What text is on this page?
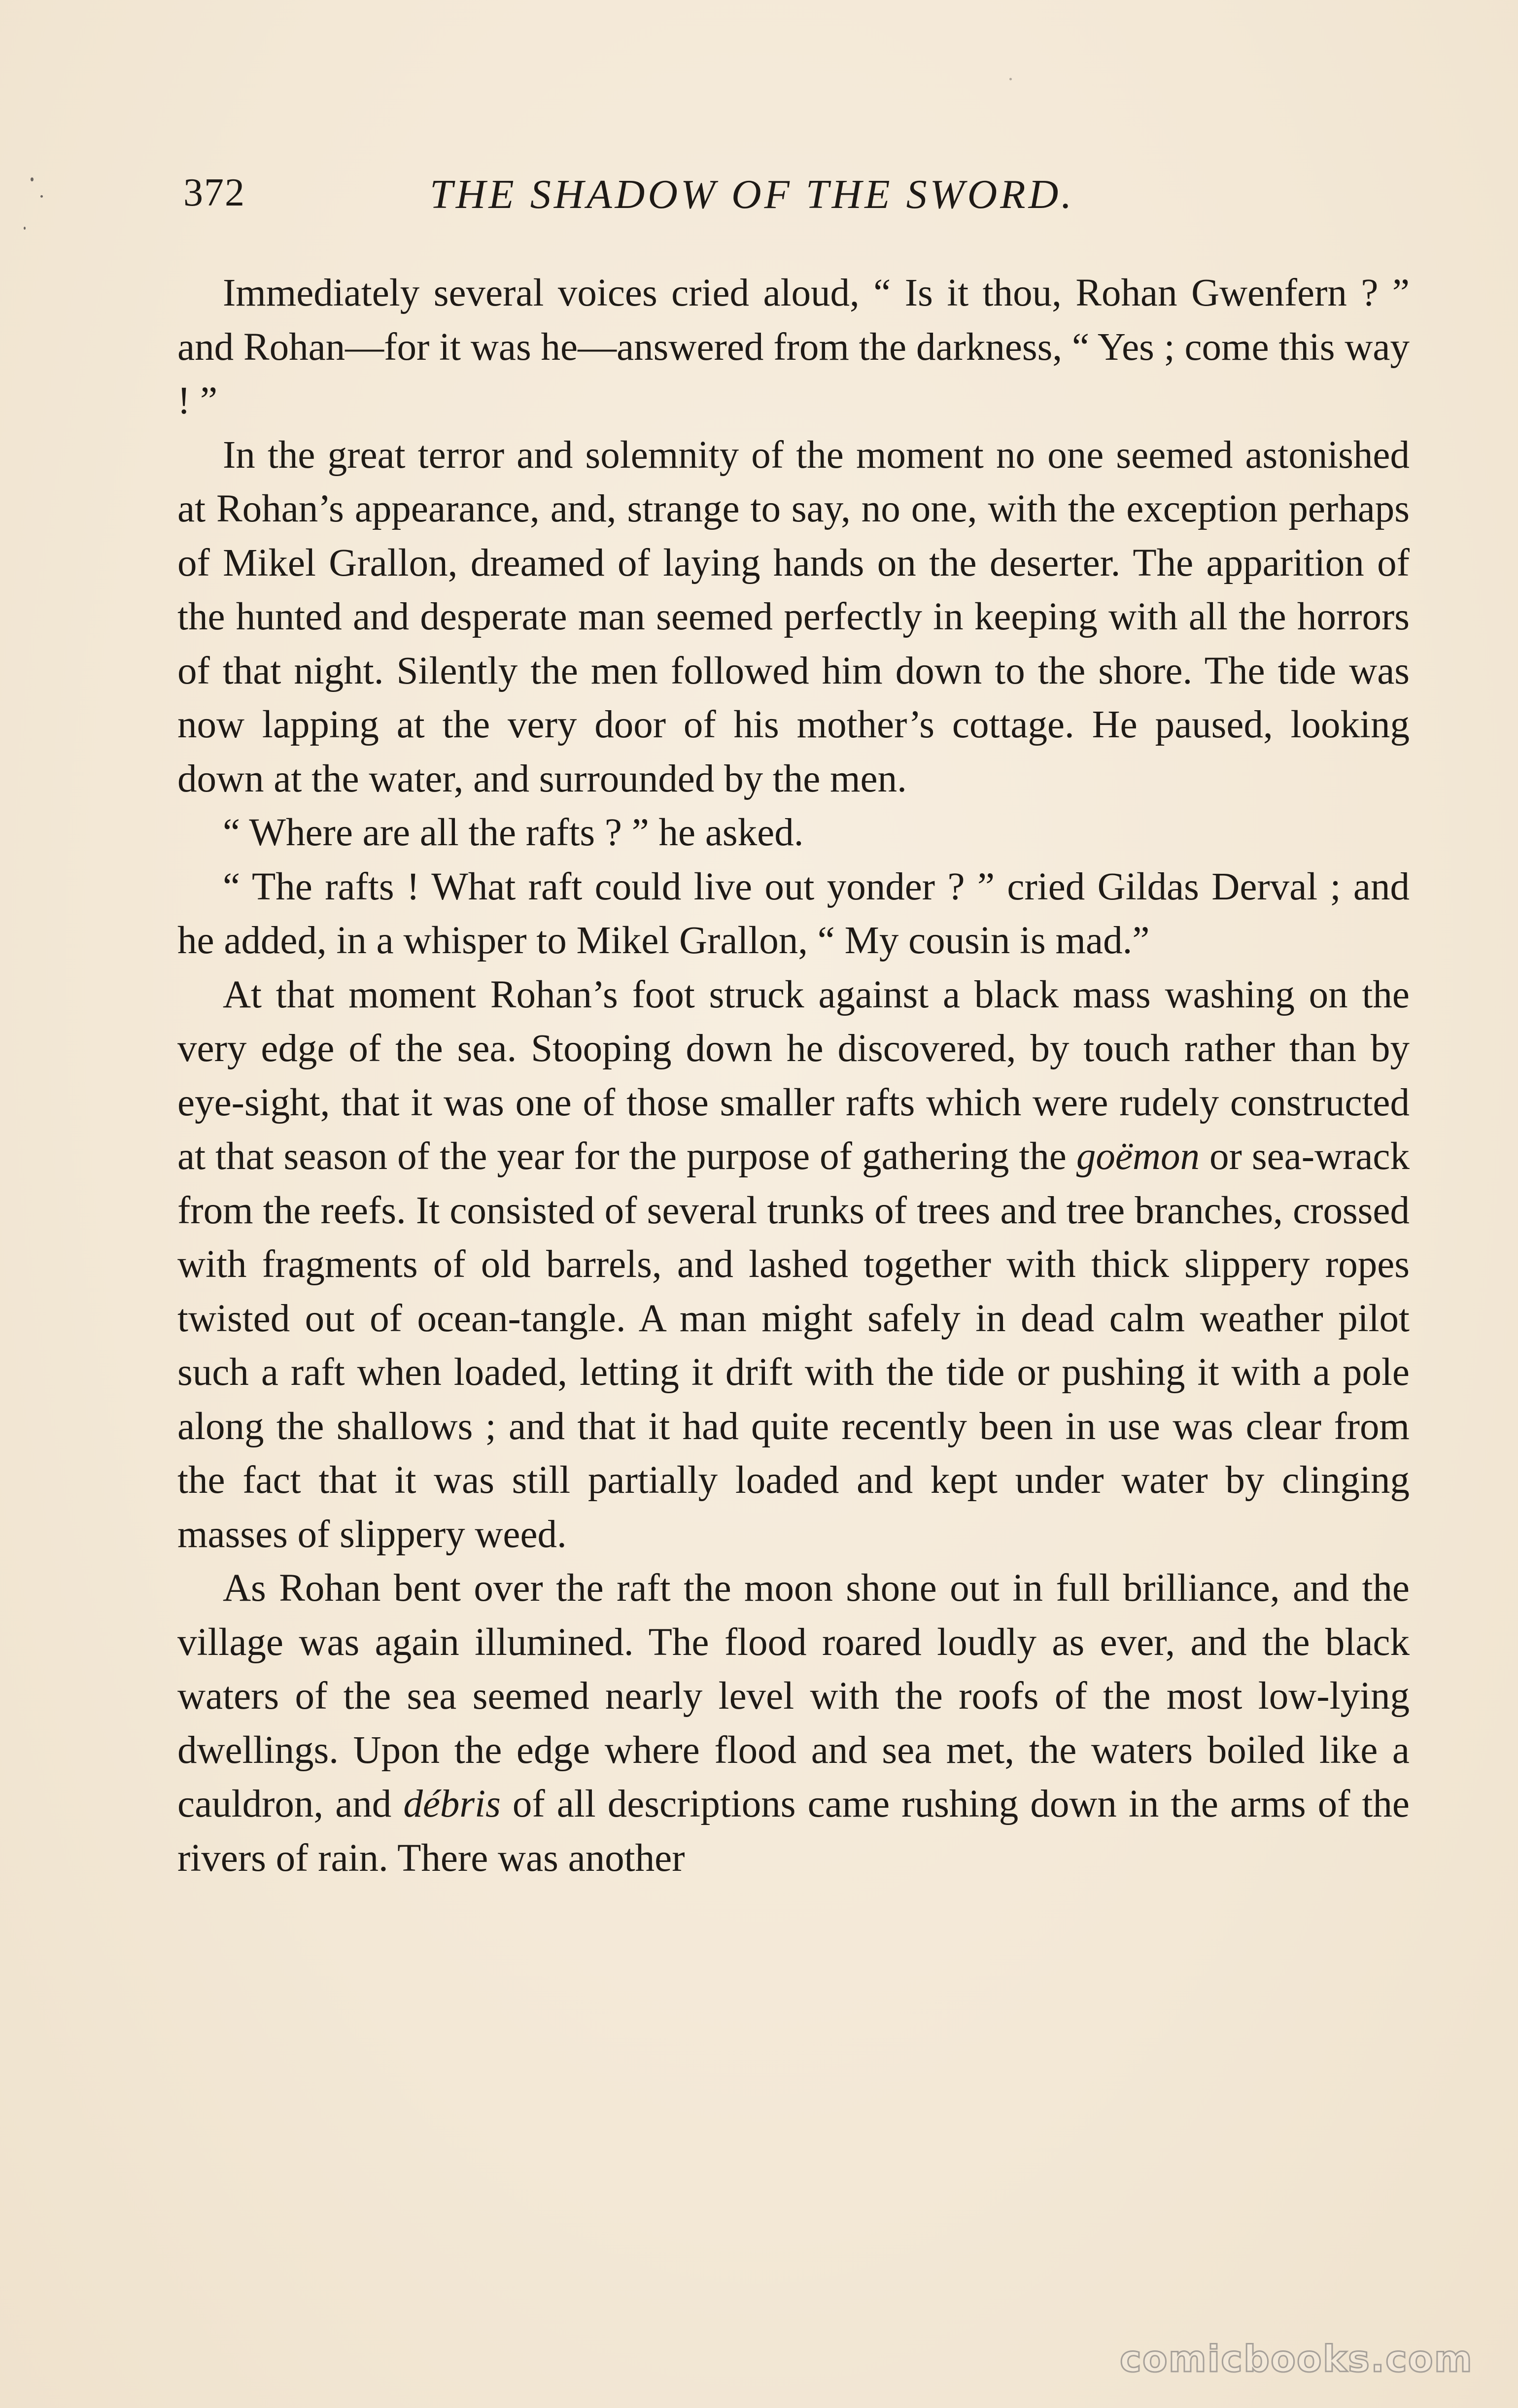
372	THE SHADOW OF THE SWORD.

Immediately several voices cried aloud, “ Is it thou, Rohan Gwenfern ? ” and Rohan—for it was he—answered from the darkness, “ Yes ; come this way ! ”

In the great terror and solemnity of the moment no one seemed astonished at Rohan’s appearance, and, strange to say, no one, with the exception perhaps of Mikel Grallon, dreamed of laying hands on the deserter. The apparition of the hunted and desperate man seemed perfectly in keeping with all the horrors of that night. Silently the men followed him down to the shore. The tide was now lapping at the very door of his mother’s cottage. He paused, looking down at the water, and surrounded by the men.

“ Where are all the rafts ? ” he asked.

“ The rafts ! What raft could live out yonder ? ” cried Gildas Derval ; and he added, in a whisper to Mikel Grallon, “ My cousin is mad.”

At that moment Rohan’s foot struck against a black mass washing on the very edge of the sea. Stooping down he discovered, by touch rather than by eye-sight, that it was one of those smaller rafts which were rudely constructed at that season of the year for the purpose of gathering the goëmon or sea-wrack from the reefs. It consisted of several trunks of trees and tree branches, crossed with fragments of old barrels, and lashed together with thick slippery ropes twisted out of ocean-tangle. A man might safely in dead calm weather pilot such a raft when loaded, letting it drift with the tide or pushing it with a pole along the shallows ; and that it had quite recently been in use was clear from the fact that it was still partially loaded and kept under water by clinging masses of slippery weed.

As Rohan bent over the raft the moon shone out in full brilliance, and the village was again illumined. The flood roared loudly as ever, and the black waters of the sea seemed nearly level with the roofs of the most low-lying dwellings. Upon the edge where flood and sea met, the waters boiled like a cauldron, and débris of all descriptions came rushing down in the arms of the rivers of rain. There was another

comicbooks.com
